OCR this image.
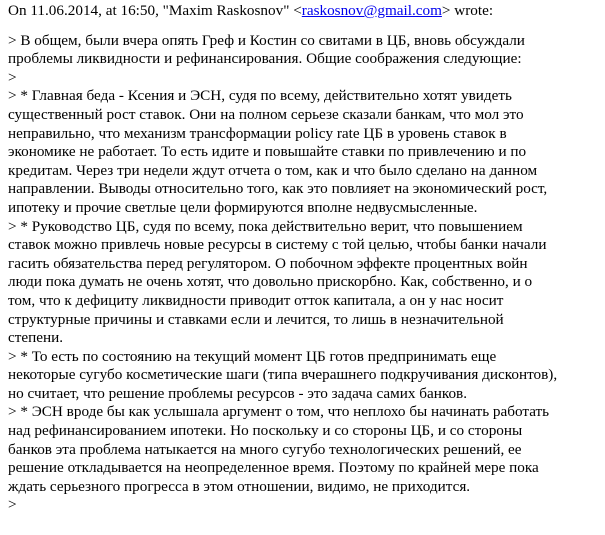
On 11.06.2014, at 16:50, "Maxim Raskosnov" <raskosnov@gmail.com> wrote:
> В общем, были вчера опять Греф и Костин со свитами в ЦБ, вновь обсуждали
проблемы ликвидности и рефинансирования. Общие соображения следующие:
>
> * Главная беда - Ксения и ЭСН, судя по всему, действительно хотят увидеть
существенный рост ставок. Они на полном серьезе сказали банкам, что мол это
неправильно, что механизм трансформации policy rate ЦБ в уровень ставок в
экономике не работает. То есть идите и повышайте ставки по привлечению и по
кредитам. Через три недели ждут отчета о том, как и что было сделано на данном
направлении. Выводы относительно того, как это повлияет на экономический рост,
ипотеку и прочие светлые цели формируются вполне недвусмысленные.
> * Руководство ЦБ, судя по всему, пока действительно верит, что повышением
ставок можно привлечь новые ресурсы в систему с той целью, чтобы банки начали
гасить обязательства перед регулятором. О побочном эффекте процентных войн
люди пока думать не очень хотят, что довольно прискорбно. Как, собственно, и о
том, что к дефициту ликвидности приводит отток капитала, а он у нас носит
структурные причины и ставками если и лечится, то лишь в незначительной
степени.
> * То есть по состоянию на текущий момент ЦБ готов предпринимать еще
некоторые сугубо косметические шаги (типа вчерашнего подкручивания дисконтов),
но считает, что решение проблемы ресурсов - это задача самих банков.
> * ЭСН вроде бы как услышала аргумент о том, что неплохо бы начинать работать
над рефинансированием ипотеки. Но поскольку и со стороны ЦБ, и со стороны
банков эта проблема натыкается на много сугубо технологических решений, ее
решение откладывается на неопределенное время. Поэтому по крайней мере пока
ждать серьезного прогресса в этом отношении, видимо, не приходится.
>
